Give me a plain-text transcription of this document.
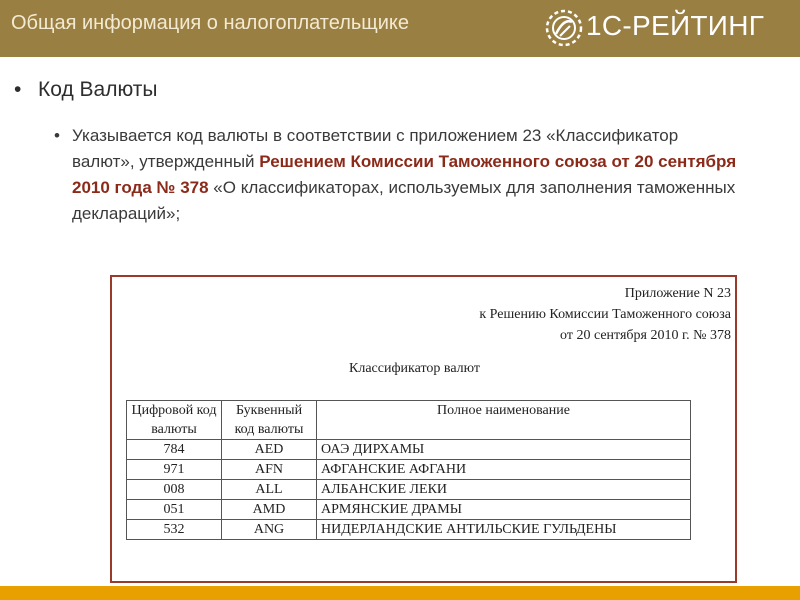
Общая информация о налогоплательщике	1С-РЕЙТИНГ
• Код Валюты
• Указывается код валюты в соответствии с приложением 23 «Классификатор валют», утвержденный Решением Комиссии Таможенного союза от 20 сентября 2010 года № 378 «О классификаторах, используемых для заполнения таможенных деклараций»;
Приложение N 23
к Решению Комиссии Таможенного союза
от 20 сентября 2010 г. № 378
Классификатор валют
Цифровой код валюты	Буквенный код валюты	Полное наименование
784	AED	ОАЭ ДИРХАМЫ
971	AFN	АФГАНСКИЕ АФГАНИ
008	ALL	АЛБАНСКИЕ ЛЕКИ
051	AMD	АРМЯНСКИЕ ДРАМЫ
532	ANG	НИДЕРЛАНДСКИЕ АНТИЛЬСКИЕ ГУЛЬДЕНЫ
